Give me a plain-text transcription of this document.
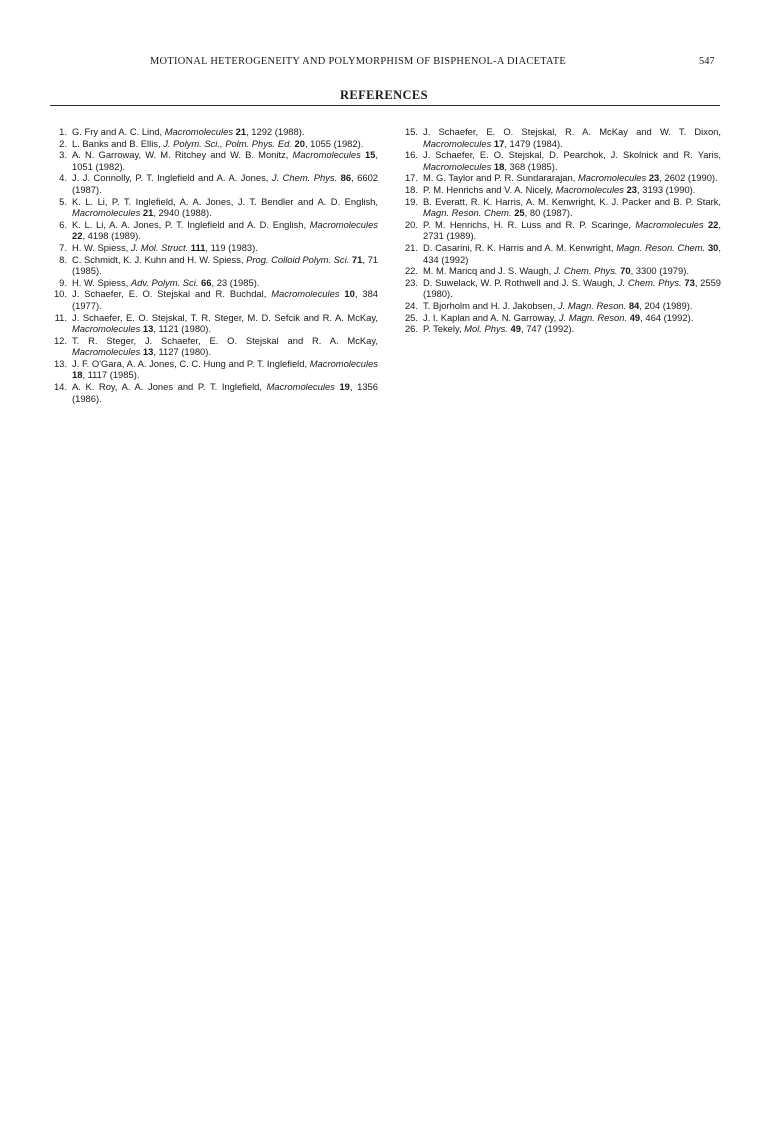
MOTIONAL HETEROGENEITY AND POLYMORPHISM OF BISPHENOL-A DIACETATE	547
REFERENCES
1. G. Fry and A. C. Lind, Macromolecules 21, 1292 (1988).
2. L. Banks and B. Ellis, J. Polym. Sci., Polm. Phys. Ed. 20, 1055 (1982).
3. A. N. Garroway, W. M. Ritchey and W. B. Monitz, Macromolecules 15, 1051 (1982).
4. J. J. Connolly, P. T. Inglefield and A. A. Jones, J. Chem. Phys. 86, 6602 (1987).
5. K. L. Li, P. T. Inglefield, A. A. Jones, J. T. Bendler and A. D. English, Macromolecules 21, 2940 (1988).
6. K. L. Li, A. A. Jones, P. T. Inglefield and A. D. English, Macromolecules 22, 4198 (1989).
7. H. W. Spiess, J. Mol. Struct. 111, 119 (1983).
8. C. Schmidt, K. J. Kuhn and H. W. Spiess, Prog. Colloid Polym. Sci. 71, 71 (1985).
9. H. W. Spiess, Adv. Polym. Sci. 66, 23 (1985).
10. J. Schaefer, E. O. Stejskal and R. Buchdal, Macromolecules 10, 384 (1977).
11. J. Schaefer, E. O. Stejskal, T. R. Steger, M. D. Sefcik and R. A. McKay, Macromolecules 13, 1121 (1980).
12. T. R. Steger, J. Schaefer, E. O. Stejskal and R. A. McKay, Macromolecules 13, 1127 (1980).
13. J. F. O'Gara, A. A. Jones, C. C. Hung and P. T. Inglefield, Macromolecules 18, 1117 (1985).
14. A. K. Roy, A. A. Jones and P. T. Inglefield, Macromolecules 19, 1356 (1986).
15. J. Schaefer, E. O. Stejskal, R. A. McKay and W. T. Dixon, Macromolecules 17, 1479 (1984).
16. J. Schaefer, E. O. Stejskal, D. Pearchok, J. Skolnick and R. Yaris, Macromolecules 18, 368 (1985).
17. M. G. Taylor and P. R. Sundararajan, Macromolecules 23, 2602 (1990).
18. P. M. Henrichs and V. A. Nicely, Macromolecules 23, 3193 (1990).
19. B. Everatt, R. K. Harris, A. M. Kenwright, K. J. Packer and B. P. Stark, Magn. Reson. Chem. 25, 80 (1987).
20. P. M. Henrichs, H. R. Luss and R. P. Scaringe, Macromolecules 22, 2731 (1989).
21. D. Casarini, R. K. Harris and A. M. Kenwright, Magn. Reson. Chem. 30, 434 (1992)
22. M. M. Maricq and J. S. Waugh, J. Chem. Phys. 70, 3300 (1979).
23. D. Suwelack, W. P. Rothwell and J. S. Waugh, J. Chem. Phys. 73, 2559 (1980).
24. T. Bjorholm and H. J. Jakobsen, J. Magn. Reson. 84, 204 (1989).
25. J. I. Kaplan and A. N. Garroway, J. Magn. Reson. 49, 464 (1992).
26. P. Tekely, Mol. Phys. 49, 747 (1992).
